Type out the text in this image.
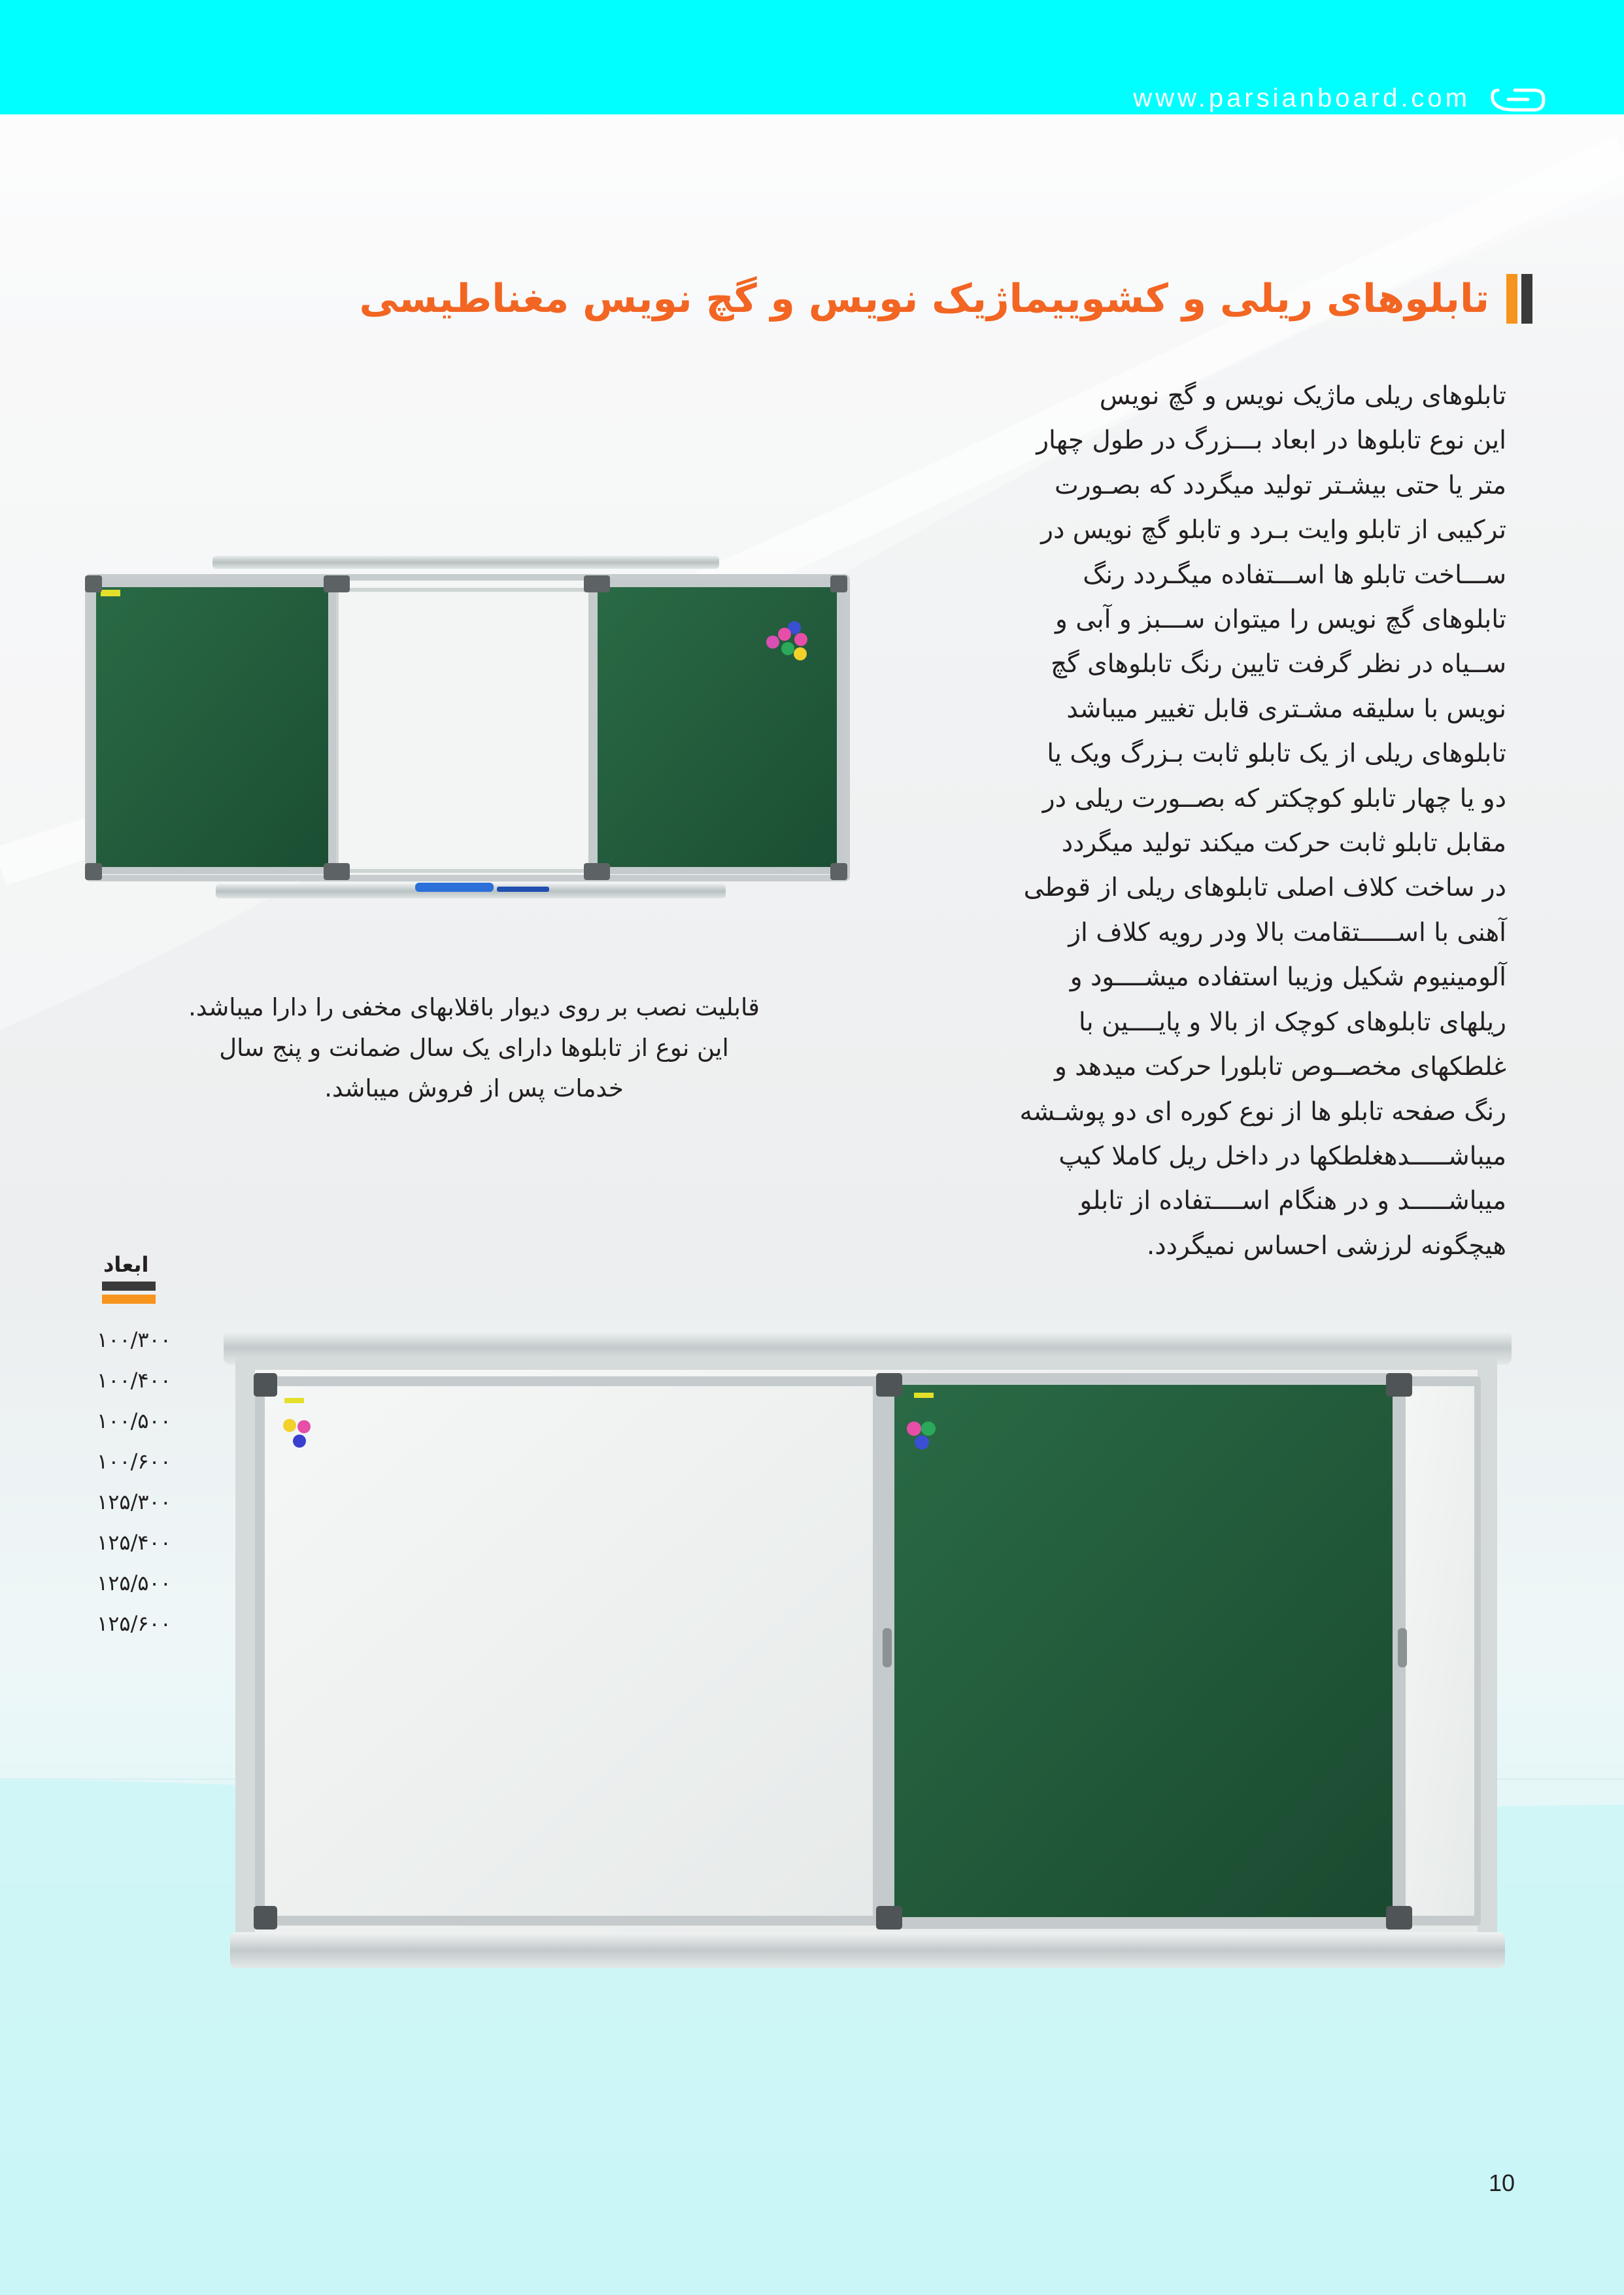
www.parsianboard.com
تابلوهای ریلی و کشوییماژیک نویس و گچ نویس مغناطیسی

تابلوهای ریلی ماژیک نویس و گچ نویس

این نوع تابلوها در ابعاد بـــزرگ در طول چهار

متر یا حتی بیشـتر تولید میگردد که بصـورت

ترکیبی از تابلو وایت بـرد و تابلو گچ نویس در

ســـاخت تابلو ها اســـتفاده میگـردد رنگ

تابلوهای گچ نویس را میتوان ســـبز و آبی و

ســیاه در نظر گرفت تایین رنگ تابلوهای گچ

نویس با سلیقه مشـتری قابل تغییر میباشد

تابلوهای ریلی از یک تابلو ثابت بـزرگ ویک یا

دو یا چهار تابلو کوچکتر که بصــورت ریلی در

مقابل تابلو ثابت حرکت میکند تولید میگردد

در ساخت کلاف اصلی تابلوهای ریلی از قوطی

آهنی با اســـــتقامت بالا ودر رویه کلاف از

آلومینیوم شکیل وزیبا استفاده میشــــود و

ریلهای تابلوهای کوچک از بالا و پایــــین با

غلطکهای مخصــوص تابلورا حرکت میدهد و

رنگ صفحه تابلو ها از نوع کوره ای دو پوشـشه

میباشـــــدهغلطکها در داخل ریل کاملا کیپ

میباشـــــد و در هنگام اســــتفاده از تابلو

هیچگونه لرزشی احساس نمیگردد.

قابلیت نصب بر روی دیوار باقلابهای مخفی را دارا میباشد.
این نوع از تابلوها دارای یک سال ضمانت و پنج سال
خدمات پس از فروش میباشد.
ابعاد
۱۰۰/۳۰۰
۱۰۰/۴۰۰
۱۰۰/۵۰۰
۱۰۰/۶۰۰
۱۲۵/۳۰۰
۱۲۵/۴۰۰
۱۲۵/۵۰۰
۱۲۵/۶۰۰
10
